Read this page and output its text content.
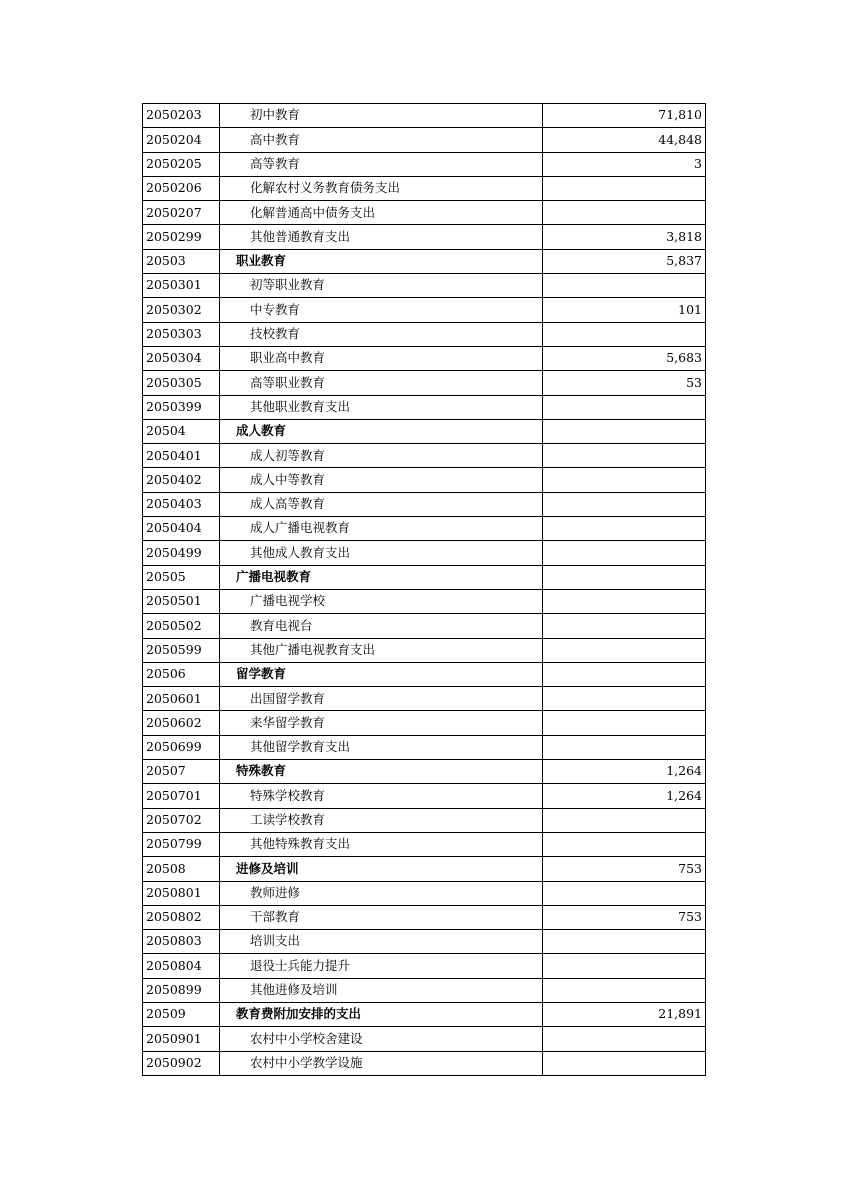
2050203	初中教育	71,810
2050204	高中教育	44,848
2050205	高等教育	3
2050206	化解农村义务教育债务支出	
2050207	化解普通高中债务支出	
2050299	其他普通教育支出	3,818
20503	职业教育	5,837
2050301	初等职业教育	
2050302	中专教育	101
2050303	技校教育	
2050304	职业高中教育	5,683
2050305	高等职业教育	53
2050399	其他职业教育支出	
20504	成人教育	
2050401	成人初等教育	
2050402	成人中等教育	
2050403	成人高等教育	
2050404	成人广播电视教育	
2050499	其他成人教育支出	
20505	广播电视教育	
2050501	广播电视学校	
2050502	教育电视台	
2050599	其他广播电视教育支出	
20506	留学教育	
2050601	出国留学教育	
2050602	来华留学教育	
2050699	其他留学教育支出	
20507	特殊教育	1,264
2050701	特殊学校教育	1,264
2050702	工读学校教育	
2050799	其他特殊教育支出	
20508	进修及培训	753
2050801	教师进修	
2050802	干部教育	753
2050803	培训支出	
2050804	退役士兵能力提升	
2050899	其他进修及培训	
20509	教育费附加安排的支出	21,891
2050901	农村中小学校舍建设	
2050902	农村中小学教学设施	
